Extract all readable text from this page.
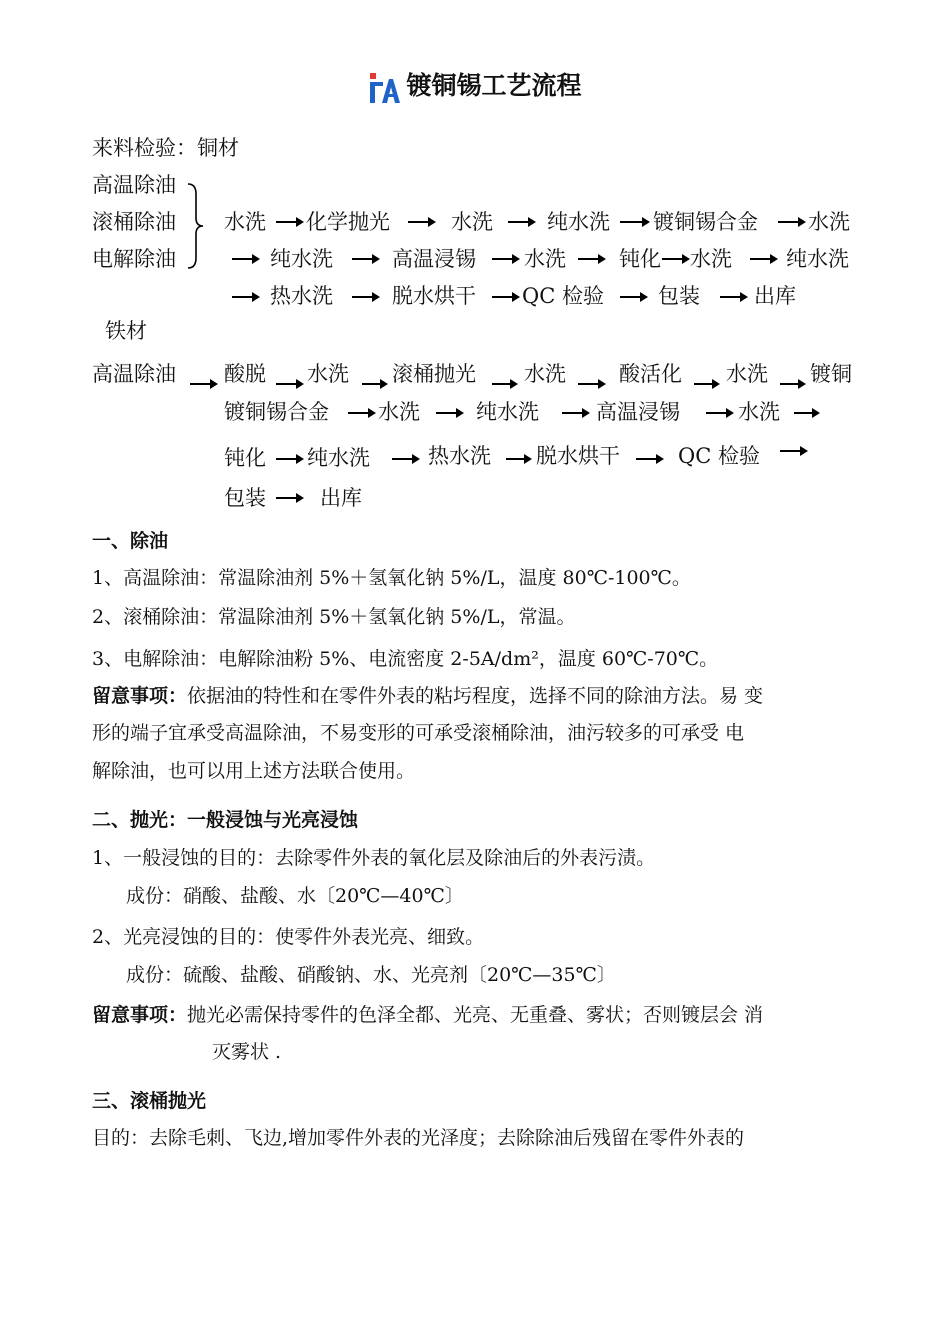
镀铜锡工艺流程
来料检验：铜材
高温除油
滚桶除油
电解除油
水洗 化学抛光	水洗	纯水洗 镀铜锡合金 水洗
纯水洗	高温浸锡 水洗	钝化 水洗	纯水洗
热水洗	脱水烘干 QC 检验	包装	出库
铁材
高温除油 酸脱 水洗 滚桶抛光 水洗	酸活化 水洗 镀铜
镀铜锡合金 水洗	纯水洗	高温浸锡	水洗
钝化 纯水洗	热水洗 脱水烘干	QC 检验
包装	出库
一、除油
1、高温除油：常温除油剂 5%＋氢氧化钠 5%/L，温度 80℃-100℃。
2、滚桶除油：常温除油剂 5%＋氢氧化钠 5%/L，常温。
3、电解除油：电解除油粉 5%、电流密度 2-5A/dm²，温度 60℃-70℃。
留意事项：依据油的特性和在零件外表的粘圬程度，选择不同的除油方法。易 变
形的端子宜承受高温除油，不易变形的可承受滚桶除油，油污较多的可承受 电
解除油，也可以用上述方法联合使用。
二、抛光：一般浸蚀与光亮浸蚀
1、一般浸蚀的目的：去除零件外表的氧化层及除油后的外表污渍。
成份：硝酸、盐酸、水〔20℃—40℃〕
2、光亮浸蚀的目的：使零件外表光亮、细致。
成份：硫酸、盐酸、硝酸钠、水、光亮剂〔20℃—35℃〕
留意事项：抛光必需保持零件的色泽全都、光亮、无重叠、雾状；否则镀层会 消
灭雾状 .
三、滚桶抛光
目的：去除毛刺、飞边,增加零件外表的光泽度；去除除油后残留在零件外表的
